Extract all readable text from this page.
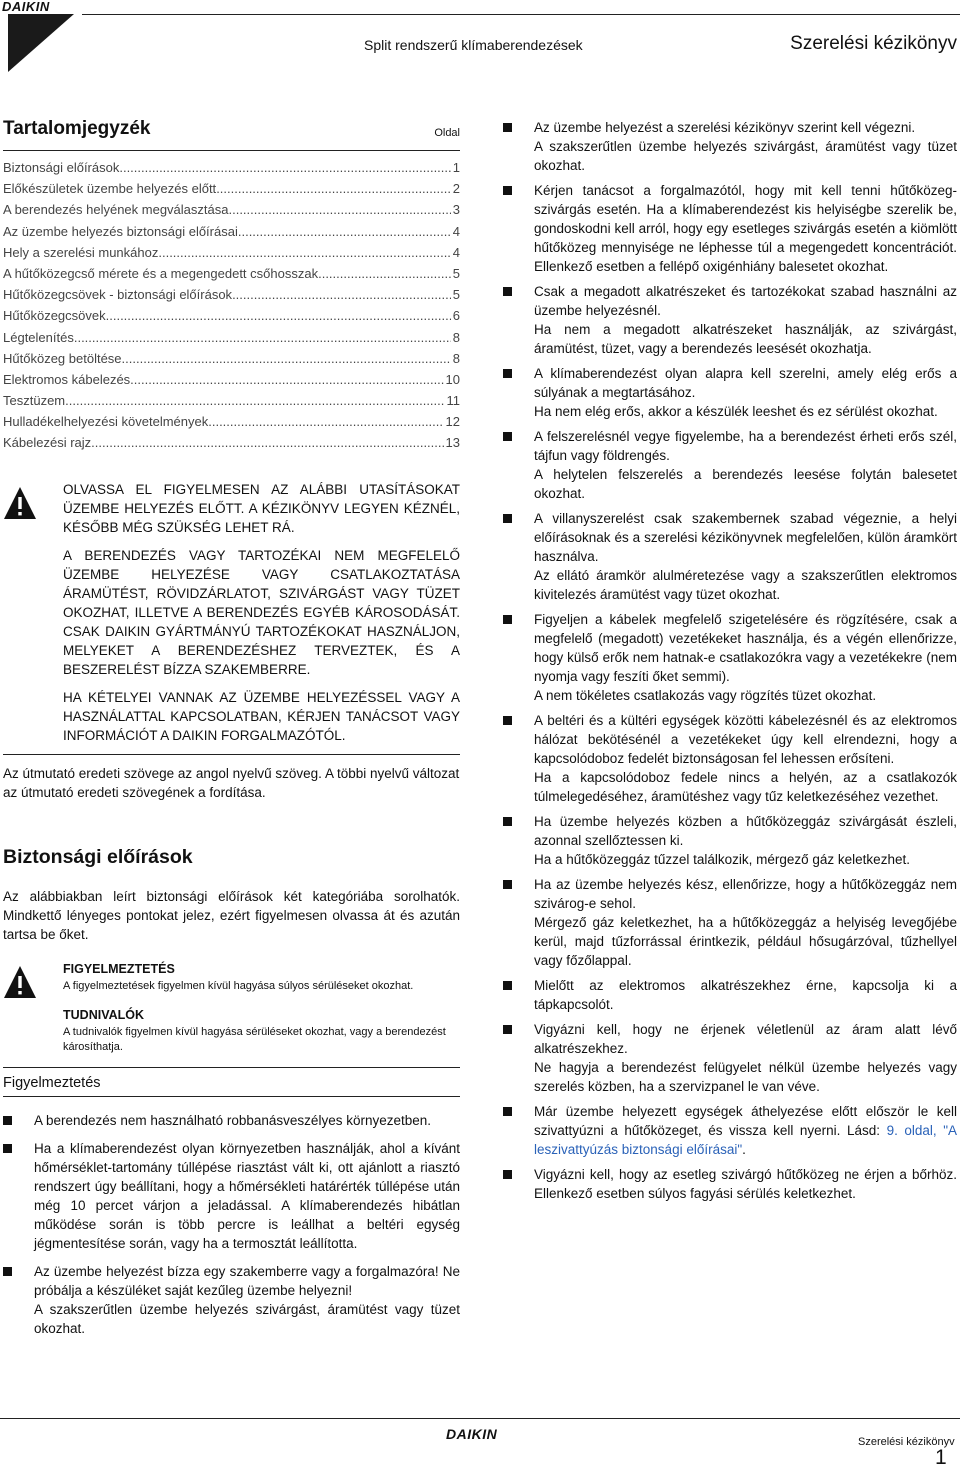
DAIKIN
Split rendszerű klímaberendezések	Szerelési kézikönyv
Tartalomjegyzék	Oldal
Biztonsági előírások .....	1
Előkészületek üzembe helyezés előtt .....	2
A berendezés helyének megválasztása .....	3
Az üzembe helyezés biztonsági előírásai .....	4
Hely a szerelési munkához .....	4
A hűtőközegcső mérete és a megengedett csőhosszak .....	5
Hűtőközegcsövek - biztonsági előírások .....	5
Hűtőközegcsövek .....	6
Légtelenítés .....	8
Hűtőközeg betöltése .....	8
Elektromos kábelezés .....	10
Tesztüzem .....	11
Hulladékelhelyezési követelmények .....	12
Kábelezési rajz .....	13

OLVASSA EL FIGYELMESEN AZ ALÁBBI UTASÍTÁSOKAT ÜZEMBE HELYEZÉS ELŐTT. A KÉZIKÖNYV LEGYEN KÉZNÉL, KÉSŐBB MÉG SZÜKSÉG LEHET RÁ.

A BERENDEZÉS VAGY TARTOZÉKAI NEM MEGFELELŐ ÜZEMBE HELYEZÉSE VAGY CSATLAKOZTATÁSA ÁRAMÜTÉST, RÖVIDZÁRLATOT, SZIVÁRGÁST VAGY TÜZET OKOZHAT, ILLETVE A BERENDEZÉS EGYÉB KÁROSODÁSÁT. CSAK DAIKIN GYÁRTMÁNYÚ TARTOZÉKOKAT HASZNÁLJON, MELYEKET A BERENDEZÉSHEZ TERVEZTEK, ÉS A BESZERELÉST BÍZZA SZAKEMBERRE.

HA KÉTELYEI VANNAK AZ ÜZEMBE HELYEZÉSSEL VAGY A HASZNÁLATTAL KAPCSOLATBAN, KÉRJEN TANÁCSOT VAGY INFORMÁCIÓT A DAIKIN FORGALMAZÓTÓL.

Az útmutató eredeti szövege az angol nyelvű szöveg. A többi nyelvű változat az útmutató eredeti szövegének a fordítása.
Biztonsági előírások

Az alábbiakban leírt biztonsági előírások két kategóriába sorolhatók. Mindkettő lényeges pontokat jelez, ezért figyelmesen olvassa át és azután tartsa be őket.

FIGYELMEZTETÉS

A figyelmeztetések figyelmen kívül hagyása súlyos sérüléseket okozhat.

TUDNIVALÓK

A tudnivalók figyelmen kívül hagyása sérüléseket okozhat, vagy a berendezést károsíthatja.

Figyelmeztetés

A berendezés nem használható robbanásveszélyes környezetben.

Ha a klímaberendezést olyan környezetben használják, ahol a kívánt hőmérséklet-tartomány túllépése riasztást vált ki, ott ajánlott a riasztó rendszert úgy beállítani, hogy a hőmérsékleti határérték túllépése után még 10 percet várjon a jeladással. A klímaberendezés hibátlan működése során is több percre is leállhat a beltéri egység jégmentesítése során, vagy ha a termosztát leállította.

Az üzembe helyezést bízza egy szakemberre vagy a forgalmazóra! Ne próbálja a készüléket saját kezűleg üzembe helyezni!

A szakszerűtlen üzembe helyezés szivárgást, áramütést vagy tüzet okozhat.

Az üzembe helyezést a szerelési kézikönyv szerint kell végezni.

A szakszerűtlen üzembe helyezés szivárgást, áramütést vagy tüzet okozhat.

Kérjen tanácsot a forgalmazótól, hogy mit kell tenni hűtőközeg-szivárgás esetén. Ha a klímaberendezést kis helyiségbe szerelik be, gondoskodni kell arról, hogy egy esetleges szivárgás esetén a kiömlött hűtőközeg mennyisége ne léphesse túl a megengedett koncentrációt. Ellenkező esetben a fellépő oxigénhiány balesetet okozhat.

Csak a megadott alkatrészeket és tartozékokat szabad használni az üzembe helyezésnél.

Ha nem a megadott alkatrészeket használják, az szivárgást, áramütést, tüzet, vagy a berendezés leesését okozhatja.

A klímaberendezést olyan alapra kell szerelni, amely elég erős a súlyának a megtartásához.

Ha nem elég erős, akkor a készülék leeshet és ez sérülést okozhat.

A felszerelésnél vegye figyelembe, ha a berendezést érheti erős szél, tájfun vagy földrengés.

A helytelen felszerelés a berendezés leesése folytán balesetet okozhat.

A villanyszerelést csak szakembernek szabad végeznie, a helyi előírásoknak és a szerelési kézikönyvnek megfelelően, külön áramkört használva.

Az ellátó áramkör alulméretezése vagy a szakszerűtlen elektromos kivitelezés áramütést vagy tüzet okozhat.

Figyeljen a kábelek megfelelő szigetelésére és rögzítésére, csak a megfelelő (megadott) vezetékeket használja, és a végén ellenőrizze, hogy külső erők nem hatnak-e csatlakozókra vagy a vezetékekre (nem nyomja vagy feszíti őket semmi).

A nem tökéletes csatlakozás vagy rögzítés tüzet okozhat.

A beltéri és a kültéri egységek közötti kábelezésnél és az elektromos hálózat bekötésénél a vezetékeket úgy kell elrendezni, hogy a kapcsolódoboz fedelét biztonságosan fel lehessen erősíteni.

Ha a kapcsolódoboz fedele nincs a helyén, az a csatlakozók túlmelegedéséhez, áramütéshez vagy tűz keletkezéséhez vezethet.

Ha üzembe helyezés közben a hűtőközeggáz szivárgását észleli, azonnal szellőztessen ki.

Ha a hűtőközeggáz tűzzel találkozik, mérgező gáz keletkezhet.

Ha az üzembe helyezés kész, ellenőrizze, hogy a hűtőközeggáz nem szivárog-e sehol.

Mérgező gáz keletkezhet, ha a hűtőközeggáz a helyiség levegőjébe kerül, majd tűzforrással érintkezik, például hősugárzóval, tűzhellyel vagy főzőlappal.

Mielőtt az elektromos alkatrészekhez érne, kapcsolja ki a tápkapcsolót.

Vigyázni kell, hogy ne érjenek véletlenül az áram alatt lévő alkatrészekhez.

Ne hagyja a berendezést felügyelet nélkül üzembe helyezés vagy szerelés közben, ha a szervizpanel le van véve.

Már üzembe helyezett egységek áthelyezése előtt először le kell szivattyúzni a hűtőközeget, és vissza kell nyerni. Lásd: 9. oldal, "A leszivattyúzás biztonsági előírásai".

Vigyázni kell, hogy az esetleg szivárgó hűtőközeg ne érjen a bőrhöz. Ellenkező esetben súlyos fagyási sérülés keletkezhet.

DAIKIN	Szerelési kézikönyv
1
